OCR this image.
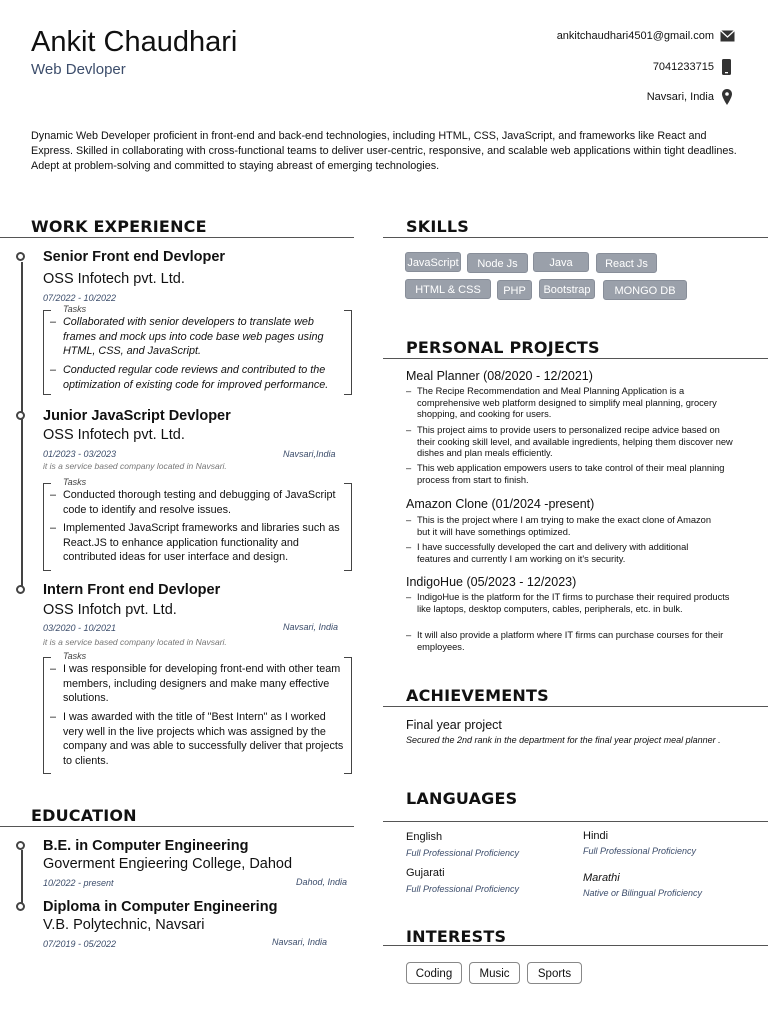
Ankit Chaudhari
Web Devloper
ankitchaudhari4501@gmail.com
7041233715
Navsari, India
Dynamic Web Developer proficient in front-end and back-end technologies, including HTML, CSS, JavaScript, and frameworks like React and Express. Skilled in collaborating with cross-functional teams to deliver user-centric, responsive, and scalable web applications within tight deadlines. Adept at problem-solving and committed to staying abreast of emerging technologies.
WORK EXPERIENCE
Senior Front end Devloper
OSS Infotech pvt. Ltd.
07/2022 - 10/2022
Tasks
– Collaborated with senior developers to translate web frames and mock ups into code base web pages using HTML, CSS, and JavaScript.
– Conducted regular code reviews and contributed to the optimization of existing code for improved performance.
Junior JavaScript Devloper
OSS Infotech pvt. Ltd.
01/2023 - 03/2023	Navsari,India
it is a service based company located in Navsari.
Tasks
– Conducted thorough testing and debugging of JavaScript code to identify and resolve issues.
– Implemented JavaScript frameworks and libraries such as React.JS to enhance application functionality and contributed ideas for user interface and design.
Intern Front end Devloper
OSS Infotch pvt. Ltd.
03/2020 - 10/2021	Navsari, India
it is a service based company located in Navsari.
Tasks
– I was responsible for developing front-end with other team members, including designers and make many effective solutions.
– I was awarded with the title of "Best Intern" as I worked very well in the live projects which was assigned by the company and was able to successfully deliver that projects to clients.
EDUCATION
B.E. in Computer Engineering
Goverment Engieering College, Dahod
10/2022 - present	Dahod, India
Diploma in Computer Engineering
V.B. Polytechnic, Navsari
07/2019 - 05/2022	Navsari, India
SKILLS
JavaScript	Node Js	Java	React Js
HTML & CSS	PHP	Bootstrap	MONGO DB
PERSONAL PROJECTS
Meal Planner (08/2020 - 12/2021)
– The Recipe Recommendation and Meal Planning Application is a comprehensive web platform designed to simplify meal planning, grocery shopping, and cooking for users.
– This project aims to provide users to personalized recipe advice based on their cooking skill level, and available ingredients, helping them discover new dishes and plan meals efficiently.
– This web application empowers users to take control of their meal planning process from start to finish.
Amazon Clone (01/2024 -present)
– This is the project where I am trying to make the exact clone of Amazon but it will have somethings optimized.
– I have successfully developed the cart and delivery with additional features and currently I am working on it's security.
IndigoHue (05/2023 - 12/2023)
– IndigoHue is the platform for the IT firms to purchase their required products like laptops, desktop computers, cables, peripherals, etc. in bulk.
– It will also provide a platform where IT firms can purchase courses for their employees.
ACHIEVEMENTS
Final year project
Secured the 2nd rank in the department for the final year project meal planner .
LANGUAGES
English
Full Professional Proficiency
Hindi
Full Professional Proficiency
Gujarati
Full Professional Proficiency
Marathi
Native or Bilingual Proficiency
INTERESTS
Coding	Music	Sports
